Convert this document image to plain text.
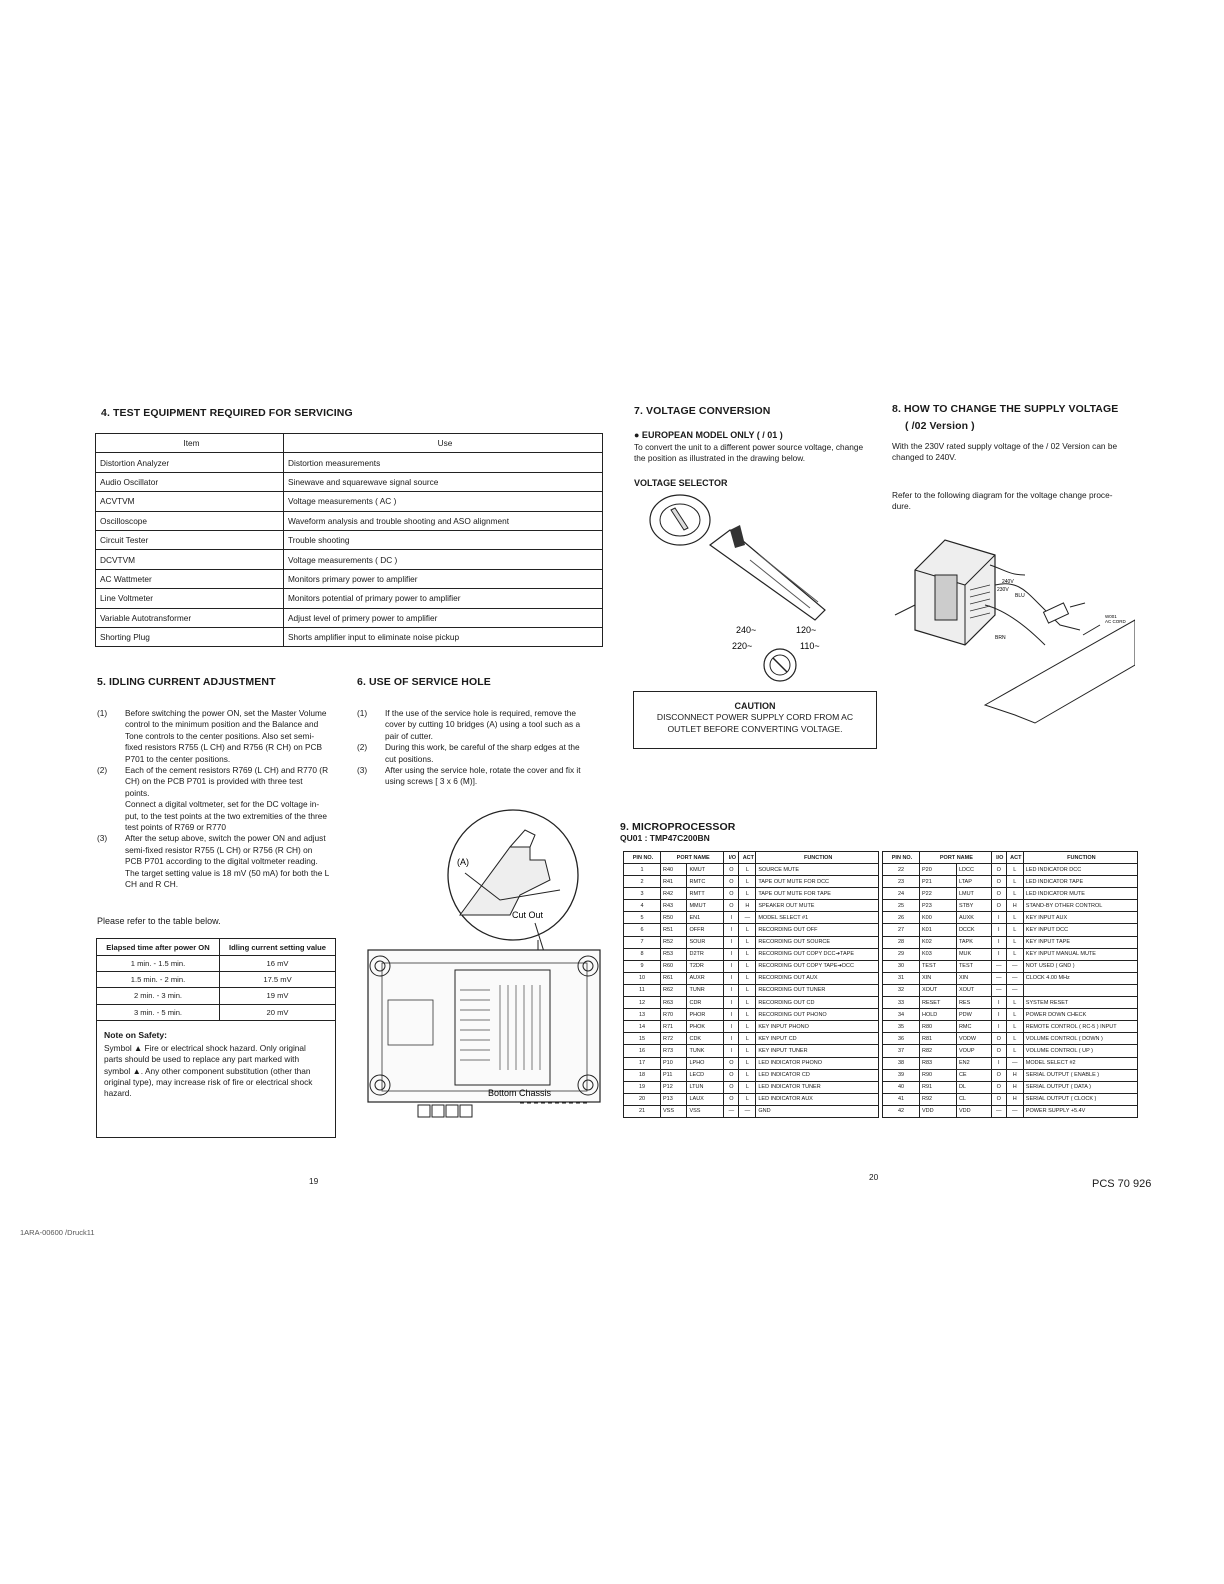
4. TEST EQUIPMENT REQUIRED FOR SERVICING
Item	Use
Distortion Analyzer	Distortion measurements
Audio Oscillator	Sinewave and squarewave signal source
ACVTVM	Voltage measurements ( AC )
Oscilloscope	Waveform analysis and trouble shooting and ASO alignment
Circuit Tester	Trouble shooting
DCVTVM	Voltage measurements ( DC )
AC Wattmeter	Monitors primary power to amplifier
Line Voltmeter	Monitors potential of primary power to amplifier
Variable Autotransformer	Adjust level of primery power to amplifier
Shorting Plug	Shorts amplifier input to eliminate noise pickup
5. IDLING CURRENT ADJUSTMENT
(1) Before switching the power ON, set the Master Volume
control to the minimum position and the Balance and
Tone controls to the center positions. Also set semi-
fixed resistors R755 (L CH) and R756 (R CH) on PCB
P701 to the center positions.
(2) Each of the cement resistors R769 (L CH) and R770 (R
CH) on the PCB P701 is provided with three test
points.
Connect a digital voltmeter, set for the DC voltage in-
put, to the test points at the two extremities of the three
test points of R769 or R770
(3) After the setup above, switch the power ON and adjust
semi-fixed resistor R755 (L CH) or R756 (R CH) on
PCB P701 according to the digital voltmeter reading.
The target setting value is 18 mV (50 mA) for both the L
CH and R CH.
Please refer to the table below.
Elapsed time after power ON	Idling current setting value
1 min. - 1.5 min.	16 mV
1.5 min. - 2 min.	17.5 mV
2 min. - 3 min.	19 mV
3 min. - 5 min.	20 mV
Note on Safety:
Symbol ▲ Fire or electrical shock hazard. Only original
parts should be used to replace any part marked with
symbol ▲. Any other component substitution (other than
original type), may increase risk of fire or electrical shock
hazard.
6. USE OF SERVICE HOLE
(1) If the use of the service hole is required, remove the
cover by cutting 10 bridges (A) using a tool such as a
pair of cutter.
(2) During this work, be careful of the sharp edges at the
cut positions.
(3) After using the service hole, rotate the cover and fix it
using screws [ 3 x 6 (M)].
(A)
Cut Out
Bottom Chassis
19
1ARA-00600 /Druck11
7. VOLTAGE CONVERSION
● EUROPEAN MODEL ONLY ( / 01 )
To convert the unit to a different power source voltage, change
the position as illustrated in the drawing below.
VOLTAGE SELECTOR
240~	120~
220~	110~
CAUTION
DISCONNECT POWER SUPPLY CORD FROM AC
OUTLET BEFORE CONVERTING VOLTAGE.
8. HOW TO CHANGE THE SUPPLY VOLTAGE
( /02 Version )
With the 230V rated supply voltage of the / 02 Version can be
changed to 240V.
Refer to the following diagram for the voltage change proce-
dure.
240V
230V
BLU
BRN
W001
AC CORD
9. MICROPROCESSOR
QU01 : TMP47C200BN
PIN NO.	PORT NAME		I/O	ACT	FUNCTION
1	R40	KMUT	O	L	SOURCE MUTE
2	R41	RMTC	O	L	TAPE OUT MUTE FOR DCC
3	R42	RMTT	O	L	TAPE OUT MUTE FOR TAPE
4	R43	MMUT	O	H	SPEAKER OUT MUTE
5	R50	EN1	I	—	MODEL SELECT #1
6	R51	OFFR	I	L	RECORDING OUT OFF
7	R52	SOUR	I	L	RECORDING OUT SOURCE
8	R53	D2TR	I	L	RECORDING OUT COPY DCC➔TAPE
9	R60	T2DR	I	L	RECORDING OUT COPY TAPE➔DCC
10	R61	AUXR	I	L	RECORDING OUT AUX
11	R62	TUNR	I	L	RECORDING OUT TUNER
12	R63	CDR	I	L	RECORDING OUT CD
13	R70	PHOR	I	L	RECORDING OUT PHONO
14	R71	PHOK	I	L	KEY INPUT PHONO
15	R72	CDK	I	L	KEY INPUT CD
16	R73	TUNK	I	L	KEY INPUT TUNER
17	P10	LPHO	O	L	LED INDICATOR PHONO
18	P11	LECD	O	L	LED INDICATOR CD
19	P12	LTUN	O	L	LED INDICATOR TUNER
20	P13	LAUX	O	L	LED INDICATOR AUX
21	VSS	VSS	—	—	GND
PIN NO.	PORT NAME		I/O	ACT	FUNCTION
22	P20	LDCC	O	L	LED INDICATOR DCC
23	P21	LTAP	O	L	LED INDICATOR TAPE
24	P22	LMUT	O	L	LED INDICATOR MUTE
25	P23	STBY	O	H	STAND-BY OTHER CONTROL
26	K00	AUXK	I	L	KEY INPUT AUX
27	K01	DCCK	I	L	KEY INPUT DCC
28	K02	TAPK	I	L	KEY INPUT TAPE
29	K03	MUK	I	L	KEY INPUT MANUAL MUTE
30	TEST	TEST	—	—	NOT USED ( GND )
31	XIN	XIN	—	—	CLOCK 4.00 MHz
32	XOUT	XOUT	—	—	
33	RESET	RES	I	L	SYSTEM RESET
34	HOLD	PDW	I	L	POWER DOWN CHECK
35	R80	RMC	I	L	REMOTE CONTROL ( RC-5 ) INPUT
36	R81	VODW	O	L	VOLUME CONTROL ( DOWN )
37	R82	VOUP	O	L	VOLUME CONTROL ( UP )
38	R83	EN2	I	—	MODEL SELECT #2
39	R90	CE	O	H	SERIAL OUTPUT ( ENABLE )
40	R91	DL	O	H	SERIAL OUTPUT ( DATA )
41	R92	CL	O	H	SERIAL OUTPUT ( CLOCK )
42	VDD	VDD	—	—	POWER SUPPLY +5.4V
20
PCS 70 926
